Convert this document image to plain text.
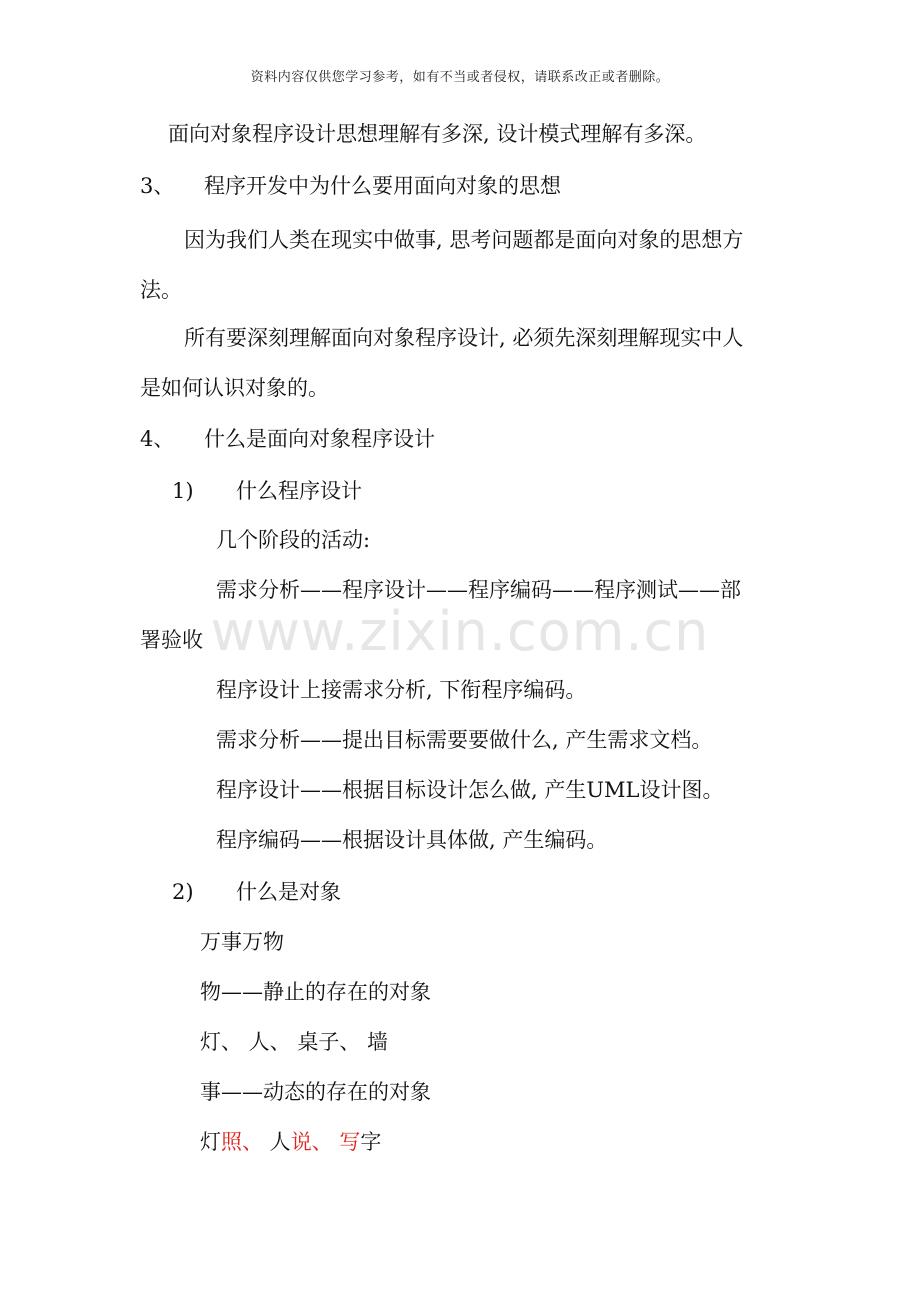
资料内容仅供您学习参考，如有不当或者侵权，请联系改正或者删除。
www.zixin.com.cn
面向对象程序设计思想理解有多深, 设计模式理解有多深。
3、 程序开发中为什么要用面向对象的思想
因为我们人类在现实中做事, 思考问题都是面向对象的思想方
法。
所有要深刻理解面向对象程序设计, 必须先深刻理解现实中人
是如何认识对象的。
4、 什么是面向对象程序设计
1) 什么程序设计
几个阶段的活动:
需求分析——程序设计——程序编码——程序测试——部
署验收
程序设计上接需求分析, 下衔程序编码。
需求分析——提出目标需要要做什么, 产生需求文档。
程序设计——根据目标设计怎么做, 产生UML设计图。
程序编码——根据设计具体做, 产生编码。
2) 什么是对象
万事万物
物——静止的存在的对象
灯、 人、 桌子、 墙
事——动态的存在的对象
灯照、 人说、 写字
